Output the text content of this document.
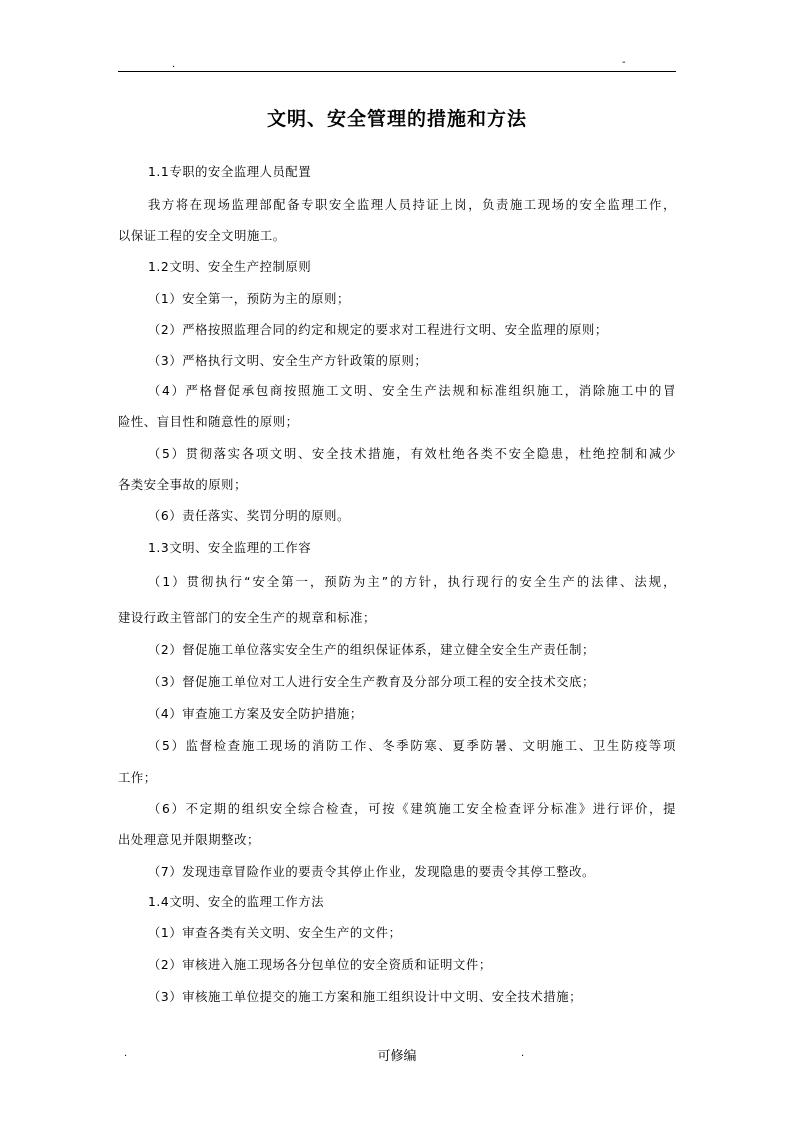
.	-
文明、安全管理的措施和方法
1.1专职的安全监理人员配置
我方将在现场监理部配备专职安全监理人员持证上岗，负责施工现场的安全监理工作，
以保证工程的安全文明施工。
1.2文明、安全生产控制原则
（1）安全第一，预防为主的原则；
（2）严格按照监理合同的约定和规定的要求对工程进行文明、安全监理的原则；
（3）严格执行文明、安全生产方针政策的原则；
（4）严格督促承包商按照施工文明、安全生产法规和标准组织施工，消除施工中的冒
险性、盲目性和随意性的原则；
（5）贯彻落实各项文明、安全技术措施，有效杜绝各类不安全隐患，杜绝控制和减少
各类安全事故的原则；
（6）责任落实、奖罚分明的原则。
1.3文明、安全监理的工作容
（1）贯彻执行“安全第一，预防为主”的方针，执行现行的安全生产的法律、法规，
建设行政主管部门的安全生产的规章和标准；
（2）督促施工单位落实安全生产的组织保证体系，建立健全安全生产责任制；
（3）督促施工单位对工人进行安全生产教育及分部分项工程的安全技术交底；
（4）审查施工方案及安全防护措施；
（5）监督检查施工现场的消防工作、冬季防寒、夏季防暑、文明施工、卫生防疫等项
工作；
（6）不定期的组织安全综合检查，可按《建筑施工安全检查评分标准》进行评价，提
出处理意见并限期整改；
（7）发现违章冒险作业的要责令其停止作业，发现隐患的要责令其停工整改。
1.4文明、安全的监理工作方法
（1）审查各类有关文明、安全生产的文件；
（2）审核进入施工现场各分包单位的安全资质和证明文件；
（3）审核施工单位提交的施工方案和施工组织设计中文明、安全技术措施；
.	可修编	.
